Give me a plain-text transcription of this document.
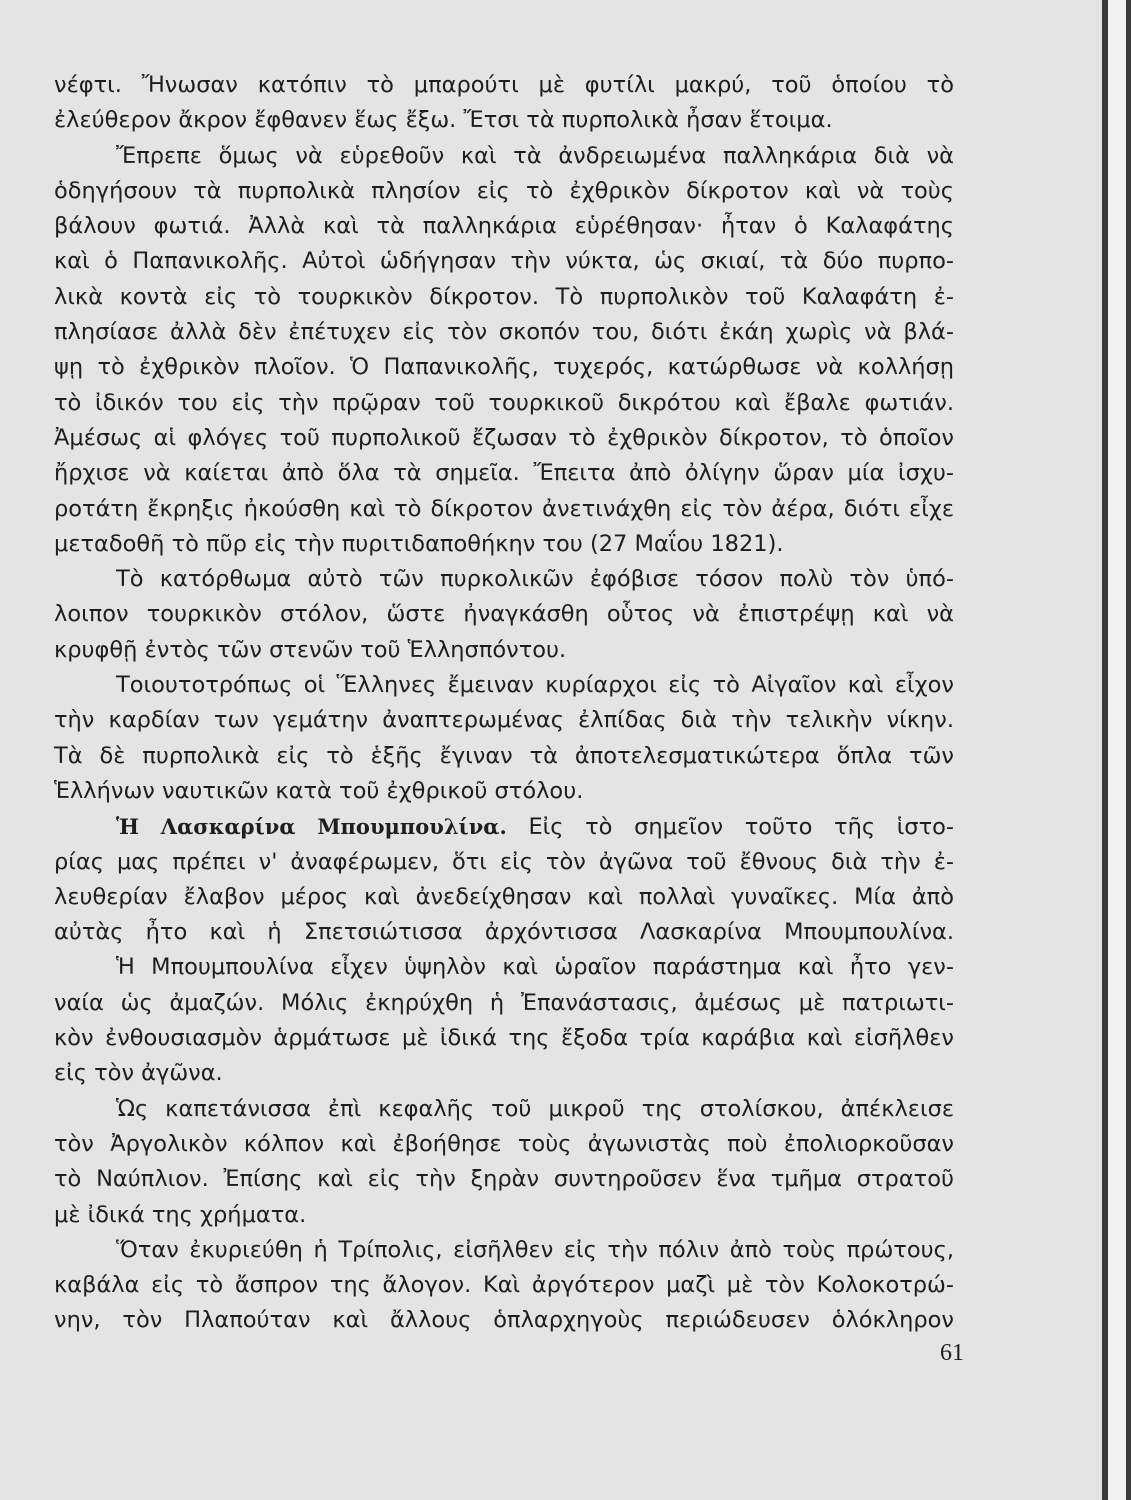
νέφτι. Ἤνωσαν κατόπιν τὸ μπαρούτι μὲ φυτίλι μακρύ, τοῦ ὁποίου τὸ
ἐλεύθερον ἄκρον ἔφθανεν ἕως ἔξω. Ἔτσι τὰ πυρπολικὰ ἦσαν ἕτοιμα.
Ἔπρεπε ὅμως νὰ εὑρεθοῦν καὶ τὰ ἀνδρειωμένα παλληκάρια διὰ νὰ
ὁδηγήσουν τὰ πυρπολικὰ πλησίον εἰς τὸ ἐχθρικὸν δίκροτον καὶ νὰ τοὺς
βάλουν φωτιά. Ἀλλὰ καὶ τὰ παλληκάρια εὑρέθησαν· ἦταν ὁ Καλαφάτης
καὶ ὁ Παπανικολῆς. Αὐτοὶ ὡδήγησαν τὴν νύκτα, ὡς σκιαί, τὰ δύο πυρπο-
λικὰ κοντὰ εἰς τὸ τουρκικὸν δίκροτον. Τὸ πυρπολικὸν τοῦ Καλαφάτη ἐ-
πλησίασε ἀλλὰ δὲν ἐπέτυχεν εἰς τὸν σκοπόν του, διότι ἐκάη χωρὶς νὰ βλά-
ψῃ τὸ ἐχθρικὸν πλοῖον. Ὁ Παπανικολῆς, τυχερός, κατώρθωσε νὰ κολλήσῃ
τὸ ἰδικόν του εἰς τὴν πρῷραν τοῦ τουρκικοῦ δικρότου καὶ ἔβαλε φωτιάν.
Ἀμέσως αἱ φλόγες τοῦ πυρπολικοῦ ἔζωσαν τὸ ἐχθρικὸν δίκροτον, τὸ ὁποῖον
ἤρχισε νὰ καίεται ἀπὸ ὅλα τὰ σημεῖα. Ἔπειτα ἀπὸ ὀλίγην ὥραν μία ἰσχυ-
ροτάτη ἔκρηξις ἠκούσθη καὶ τὸ δίκροτον ἀνετινάχθη εἰς τὸν ἀέρα, διότι εἶχε
μεταδοθῆ τὸ πῦρ εἰς τὴν πυριτιδαποθήκην του (27 Μαΐου 1821).
Τὸ κατόρθωμα αὐτὸ τῶν πυρκολικῶν ἐφόβισε τόσον πολὺ τὸν ὑπό-
λοιπον τουρκικὸν στόλον, ὥστε ἠναγκάσθη οὗτος νὰ ἐπιστρέψῃ καὶ νὰ
κρυφθῇ ἐντὸς τῶν στενῶν τοῦ Ἑλλησπόντου.
Τοιουτοτρόπως οἱ Ἕλληνες ἔμειναν κυρίαρχοι εἰς τὸ Αἰγαῖον καὶ εἶχον
τὴν καρδίαν των γεμάτην ἀναπτερωμένας ἐλπίδας διὰ τὴν τελικὴν νίκην.
Τὰ δὲ πυρπολικὰ εἰς τὸ ἑξῆς ἔγιναν τὰ ἀποτελεσματικώτερα ὅπλα τῶν
Ἑλλήνων ναυτικῶν κατὰ τοῦ ἐχθρικοῦ στόλου.
Ἡ Λασκαρίνα Μπουμπουλίνα. Εἰς τὸ σημεῖον τοῦτο τῆς ἱστο-
ρίας μας πρέπει ν' ἀναφέρωμεν, ὅτι εἰς τὸν ἀγῶνα τοῦ ἔθνους διὰ τὴν ἐ-
λευθερίαν ἔλαβον μέρος καὶ ἀνεδείχθησαν καὶ πολλαὶ γυναῖκες. Μία ἀπὸ
αὐτὰς ἦτο καὶ ἡ Σπετσιώτισσα ἀρχόντισσα Λασκαρίνα Μπουμπουλίνα.
Ἡ Μπουμπουλίνα εἶχεν ὑψηλὸν καὶ ὡραῖον παράστημα καὶ ἦτο γεν-
ναία ὡς ἀμαζών. Μόλις ἐκηρύχθη ἡ Ἐπανάστασις, ἀμέσως μὲ πατριωτι-
κὸν ἐνθουσιασμὸν ἁρμάτωσε μὲ ἰδικά της ἔξοδα τρία καράβια καὶ εἰσῆλθεν
εἰς τὸν ἀγῶνα.
Ὡς καπετάνισσα ἐπὶ κεφαλῆς τοῦ μικροῦ της στολίσκου, ἀπέκλεισε
τὸν Ἀργολικὸν κόλπον καὶ ἐβοήθησε τοὺς ἀγωνιστὰς ποὺ ἐπολιορκοῦσαν
τὸ Ναύπλιον. Ἐπίσης καὶ εἰς τὴν ξηρὰν συντηροῦσεν ἕνα τμῆμα στρατοῦ
μὲ ἰδικά της χρήματα.
Ὅταν ἐκυριεύθη ἡ Τρίπολις, εἰσῆλθεν εἰς τὴν πόλιν ἀπὸ τοὺς πρώτους,
καβάλα εἰς τὸ ἄσπρον της ἄλογον. Καὶ ἀργότερον μαζὶ μὲ τὸν Κολοκοτρώ-
νην, τὸν Πλαπούταν καὶ ἄλλους ὁπλαρχηγοὺς περιώδευσεν ὁλόκληρον
61
